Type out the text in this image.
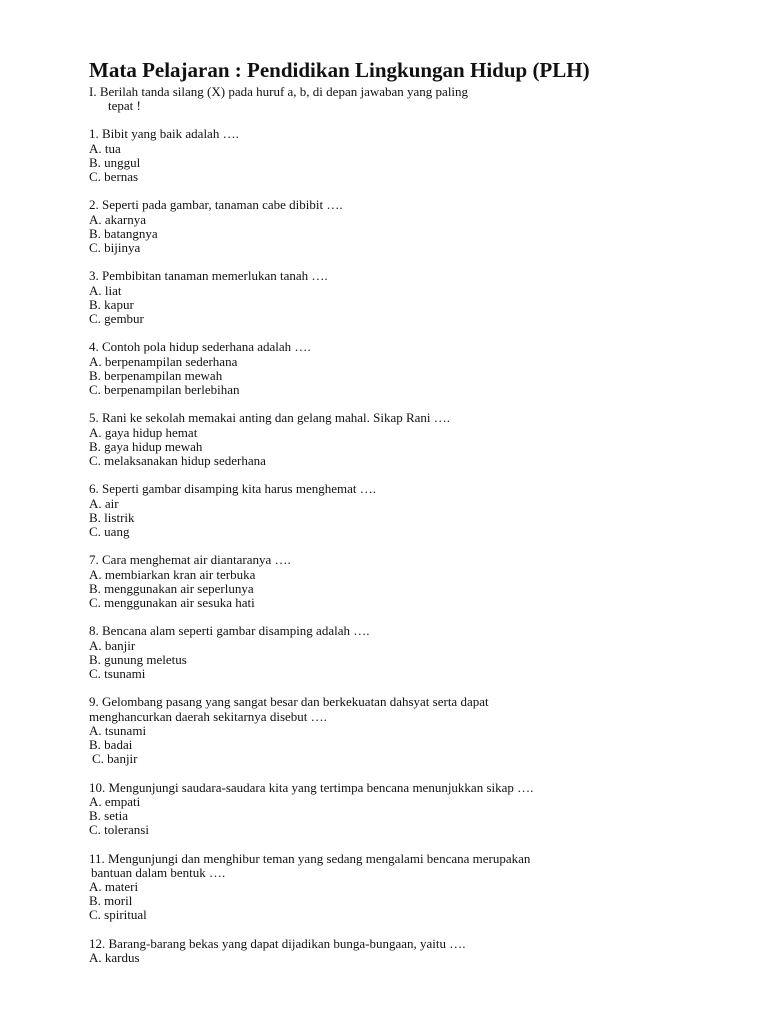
Mata Pelajaran : Pendidikan Lingkungan Hidup (PLH)
I. Berilah tanda silang (X) pada huruf a, b, di depan jawaban yang paling
tepat !
1. Bibit yang baik adalah ….
A. tua
B. unggul
C. bernas
2. Seperti pada gambar, tanaman cabe dibibit ….
A. akarnya
B. batangnya
C. bijinya
3. Pembibitan tanaman memerlukan tanah ….
A. liat
B. kapur
C. gembur
4. Contoh pola hidup sederhana adalah ….
A. berpenampilan sederhana
B. berpenampilan mewah
C. berpenampilan berlebihan
5. Rani ke sekolah memakai anting dan gelang mahal. Sikap Rani ….
A. gaya hidup hemat
B. gaya hidup mewah
C. melaksanakan hidup sederhana
6. Seperti gambar disamping kita harus menghemat ….
A. air
B. listrik
C. uang
7. Cara menghemat air diantaranya ….
A. membiarkan kran air terbuka
B. menggunakan air seperlunya
C. menggunakan air sesuka hati
8. Bencana alam seperti gambar disamping adalah ….
A. banjir
B. gunung meletus
C. tsunami
9. Gelombang pasang yang sangat besar dan berkekuatan dahsyat serta dapat
menghancurkan daerah sekitarnya disebut ….
A. tsunami
B. badai
C. banjir
10. Mengunjungi saudara-saudara kita yang tertimpa bencana menunjukkan sikap ….
A. empati
B. setia
C. toleransi
11. Mengunjungi dan menghibur teman yang sedang mengalami bencana merupakan
bantuan dalam bentuk ….
A. materi
B. moril
C. spiritual
12. Barang-barang bekas yang dapat dijadikan bunga-bungaan, yaitu ….
A. kardus
